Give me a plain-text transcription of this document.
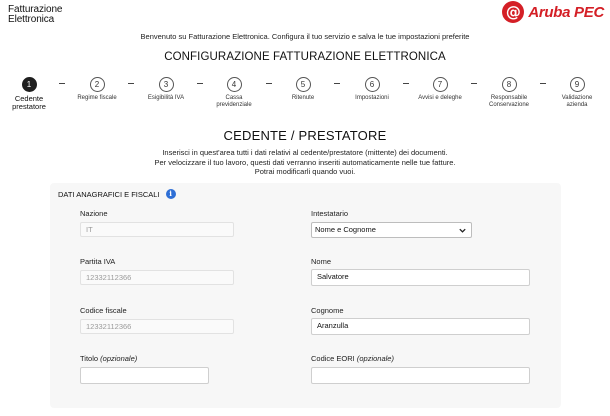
Fatturazione
Elettronica	@ Aruba PEC
Benvenuto su Fatturazione Elettronica. Configura il tuo servizio e salva le tue impostazioni preferite
CONFIGURAZIONE FATTURAZIONE ELETTRONICA
1
Cedente
prestatore
2
Regime fiscale
3
Esigibilità IVA
4
Cassa
previdenziale
5
Ritenute
6
Impostazioni
7
Avvisi e deleghe
8
Responsabile
Conservazione
9
Validazione
azienda
CEDENTE / PRESTATORE

Inserisci in quest'area tutti i dati relativi al cedente/prestatore (mittente) dei documenti.

Per velocizzare il tuo lavoro, questi dati verranno inseriti automaticamente nelle tue fatture.

Potrai modificarli quando vuoi.

DATI ANAGRAFICI E FISCALI	i
Nazione
IT
Partita IVA
12332112366
Codice fiscale
12332112366
Titolo (opzionale)
Intestatario
Nome e Cognome
Nome
Salvatore
Cognome
Aranzulla
Codice EORI (opzionale)
